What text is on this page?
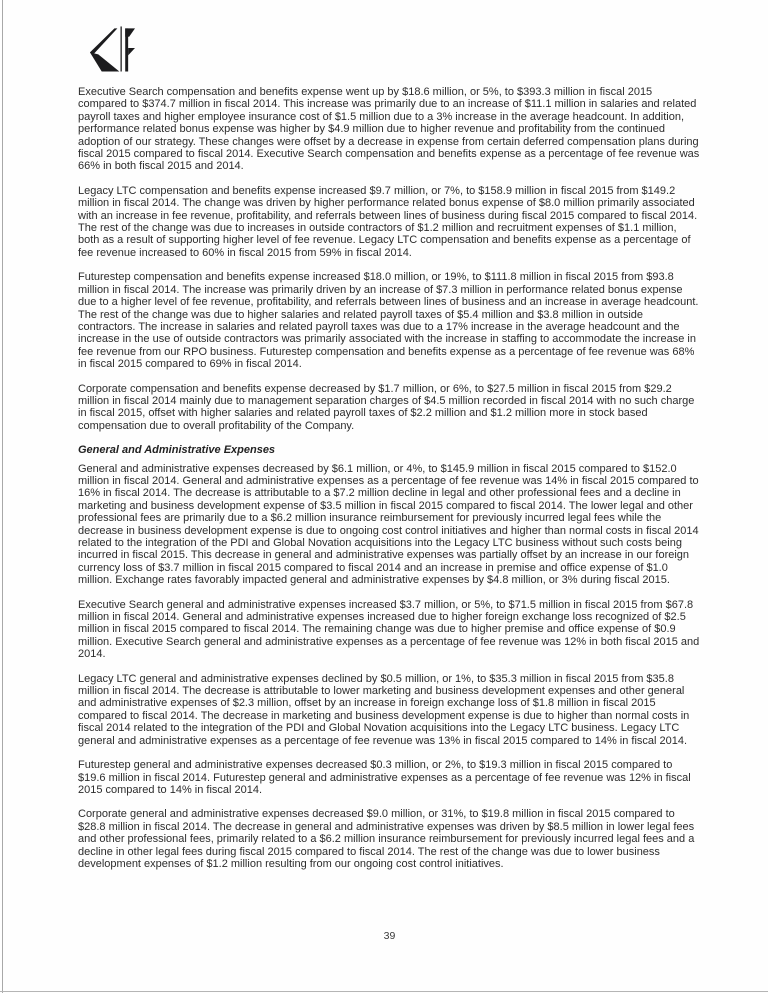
Executive Search compensation and benefits expense went up by $18.6 million, or 5%, to $393.3 million in fiscal 2015 compared to $374.7 million in fiscal 2014. This increase was primarily due to an increase of $11.1 million in salaries and related payroll taxes and higher employee insurance cost of $1.5 million due to a 3% increase in the average headcount. In addition, performance related bonus expense was higher by $4.9 million due to higher revenue and profitability from the continued adoption of our strategy. These changes were offset by a decrease in expense from certain deferred compensation plans during fiscal 2015 compared to fiscal 2014. Executive Search compensation and benefits expense as a percentage of fee revenue was 66% in both fiscal 2015 and 2014.

Legacy LTC compensation and benefits expense increased $9.7 million, or 7%, to $158.9 million in fiscal 2015 from $149.2 million in fiscal 2014. The change was driven by higher performance related bonus expense of $8.0 million primarily associated with an increase in fee revenue, profitability, and referrals between lines of business during fiscal 2015 compared to fiscal 2014. The rest of the change was due to increases in outside contractors of $1.2 million and recruitment expenses of $1.1 million, both as a result of supporting higher level of fee revenue. Legacy LTC compensation and benefits expense as a percentage of fee revenue increased to 60% in fiscal 2015 from 59% in fiscal 2014.

Futurestep compensation and benefits expense increased $18.0 million, or 19%, to $111.8 million in fiscal 2015 from $93.8 million in fiscal 2014. The increase was primarily driven by an increase of $7.3 million in performance related bonus expense due to a higher level of fee revenue, profitability, and referrals between lines of business and an increase in average headcount. The rest of the change was due to higher salaries and related payroll taxes of $5.4 million and $3.8 million in outside contractors. The increase in salaries and related payroll taxes was due to a 17% increase in the average headcount and the increase in the use of outside contractors was primarily associated with the increase in staffing to accommodate the increase in fee revenue from our RPO business. Futurestep compensation and benefits expense as a percentage of fee revenue was 68% in fiscal 2015 compared to 69% in fiscal 2014.

Corporate compensation and benefits expense decreased by $1.7 million, or 6%, to $27.5 million in fiscal 2015 from $29.2 million in fiscal 2014 mainly due to management separation charges of $4.5 million recorded in fiscal 2014 with no such charge in fiscal 2015, offset with higher salaries and related payroll taxes of $2.2 million and $1.2 million more in stock based compensation due to overall profitability of the Company.

General and Administrative Expenses

General and administrative expenses decreased by $6.1 million, or 4%, to $145.9 million in fiscal 2015 compared to $152.0 million in fiscal 2014. General and administrative expenses as a percentage of fee revenue was 14% in fiscal 2015 compared to 16% in fiscal 2014. The decrease is attributable to a $7.2 million decline in legal and other professional fees and a decline in marketing and business development expense of $3.5 million in fiscal 2015 compared to fiscal 2014. The lower legal and other professional fees are primarily due to a $6.2 million insurance reimbursement for previously incurred legal fees while the decrease in business development expense is due to ongoing cost control initiatives and higher than normal costs in fiscal 2014 related to the integration of the PDI and Global Novation acquisitions into the Legacy LTC business without such costs being incurred in fiscal 2015. This decrease in general and administrative expenses was partially offset by an increase in our foreign currency loss of $3.7 million in fiscal 2015 compared to fiscal 2014 and an increase in premise and office expense of $1.0 million. Exchange rates favorably impacted general and administrative expenses by $4.8 million, or 3% during fiscal 2015.

Executive Search general and administrative expenses increased $3.7 million, or 5%, to $71.5 million in fiscal 2015 from $67.8 million in fiscal 2014. General and administrative expenses increased due to higher foreign exchange loss recognized of $2.5 million in fiscal 2015 compared to fiscal 2014. The remaining change was due to higher premise and office expense of $0.9 million. Executive Search general and administrative expenses as a percentage of fee revenue was 12% in both fiscal 2015 and 2014.

Legacy LTC general and administrative expenses declined by $0.5 million, or 1%, to $35.3 million in fiscal 2015 from $35.8 million in fiscal 2014. The decrease is attributable to lower marketing and business development expenses and other general and administrative expenses of $2.3 million, offset by an increase in foreign exchange loss of $1.8 million in fiscal 2015 compared to fiscal 2014. The decrease in marketing and business development expense is due to higher than normal costs in fiscal 2014 related to the integration of the PDI and Global Novation acquisitions into the Legacy LTC business. Legacy LTC general and administrative expenses as a percentage of fee revenue was 13% in fiscal 2015 compared to 14% in fiscal 2014.

Futurestep general and administrative expenses decreased $0.3 million, or 2%, to $19.3 million in fiscal 2015 compared to $19.6 million in fiscal 2014. Futurestep general and administrative expenses as a percentage of fee revenue was 12% in fiscal 2015 compared to 14% in fiscal 2014.

Corporate general and administrative expenses decreased $9.0 million, or 31%, to $19.8 million in fiscal 2015 compared to $28.8 million in fiscal 2014. The decrease in general and administrative expenses was driven by $8.5 million in lower legal fees and other professional fees, primarily related to a $6.2 million insurance reimbursement for previously incurred legal fees and a decline in other legal fees during fiscal 2015 compared to fiscal 2014. The rest of the change was due to lower business development expenses of $1.2 million resulting from our ongoing cost control initiatives.

39
